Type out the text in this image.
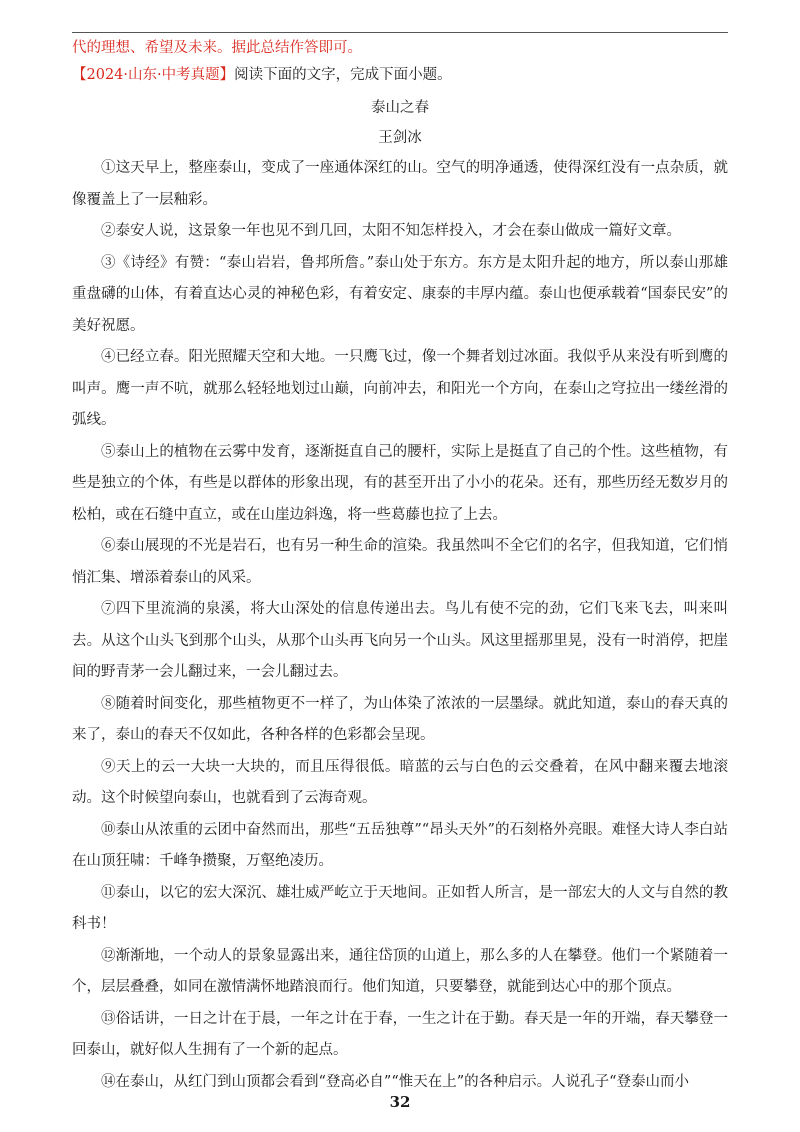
代的理想、希望及未来。据此总结作答即可。
【2024·山东·中考真题】阅读下面的文字，完成下面小题。
泰山之春
王剑冰

①这天早上，整座泰山，变成了一座通体深红的山。空气的明净通透，使得深红没有一点杂质，就像覆盖上了一层釉彩。

②泰安人说，这景象一年也见不到几回，太阳不知怎样投入，才会在泰山做成一篇好文章。

③《诗经》有赞：“泰山岩岩，鲁邦所詹。”泰山处于东方。东方是太阳升起的地方，所以泰山那雄重盘礴的山体，有着直达心灵的神秘色彩，有着安定、康泰的丰厚内蕴。泰山也便承载着“国泰民安”的美好祝愿。

④已经立春。阳光照耀天空和大地。一只鹰飞过，像一个舞者划过冰面。我似乎从来没有听到鹰的叫声。鹰一声不吭，就那么轻轻地划过山巅，向前冲去，和阳光一个方向，在泰山之穹拉出一缕丝滑的弧线。

⑤泰山上的植物在云雾中发育，逐渐挺直自己的腰杆，实际上是挺直了自己的个性。这些植物，有些是独立的个体，有些是以群体的形象出现，有的甚至开出了小小的花朵。还有，那些历经无数岁月的松柏，或在石缝中直立，或在山崖边斜逸，将一些葛藤也拉了上去。

⑥泰山展现的不光是岩石，也有另一种生命的渲染。我虽然叫不全它们的名字，但我知道，它们悄悄汇集、增添着泰山的风采。

⑦四下里流淌的泉溪，将大山深处的信息传递出去。鸟儿有使不完的劲，它们飞来飞去，叫来叫去。从这个山头飞到那个山头，从那个山头再飞向另一个山头。风这里摇那里晃，没有一时消停，把崖间的野青茅一会儿翻过来，一会儿翻过去。

⑧随着时间变化，那些植物更不一样了，为山体染了浓浓的一层墨绿。就此知道，泰山的春天真的来了，泰山的春天不仅如此，各种各样的色彩都会呈现。

⑨天上的云一大块一大块的，而且压得很低。暗蓝的云与白色的云交叠着，在风中翻来覆去地滚动。这个时候望向泰山，也就看到了云海奇观。

⑩泰山从浓重的云团中奋然而出，那些“五岳独尊”“昂头天外”的石刻格外亮眼。难怪大诗人李白站在山顶狂啸：千峰争攒聚，万壑绝凌历。

⑪泰山，以它的宏大深沉、雄壮威严屹立于天地间。正如哲人所言，是一部宏大的人文与自然的教科书！

⑫渐渐地，一个动人的景象显露出来，通往岱顶的山道上，那么多的人在攀登。他们一个紧随着一个，层层叠叠，如同在激情满怀地踏浪而行。他们知道，只要攀登，就能到达心中的那个顶点。

⑬俗话讲，一日之计在于晨，一年之计在于春，一生之计在于勤。春天是一年的开端，春天攀登一回泰山，就好似人生拥有了一个新的起点。

⑭在泰山，从红门到山顶都会看到“登高必自”“惟天在上”的各种启示。人说孔子“登泰山而小

32
